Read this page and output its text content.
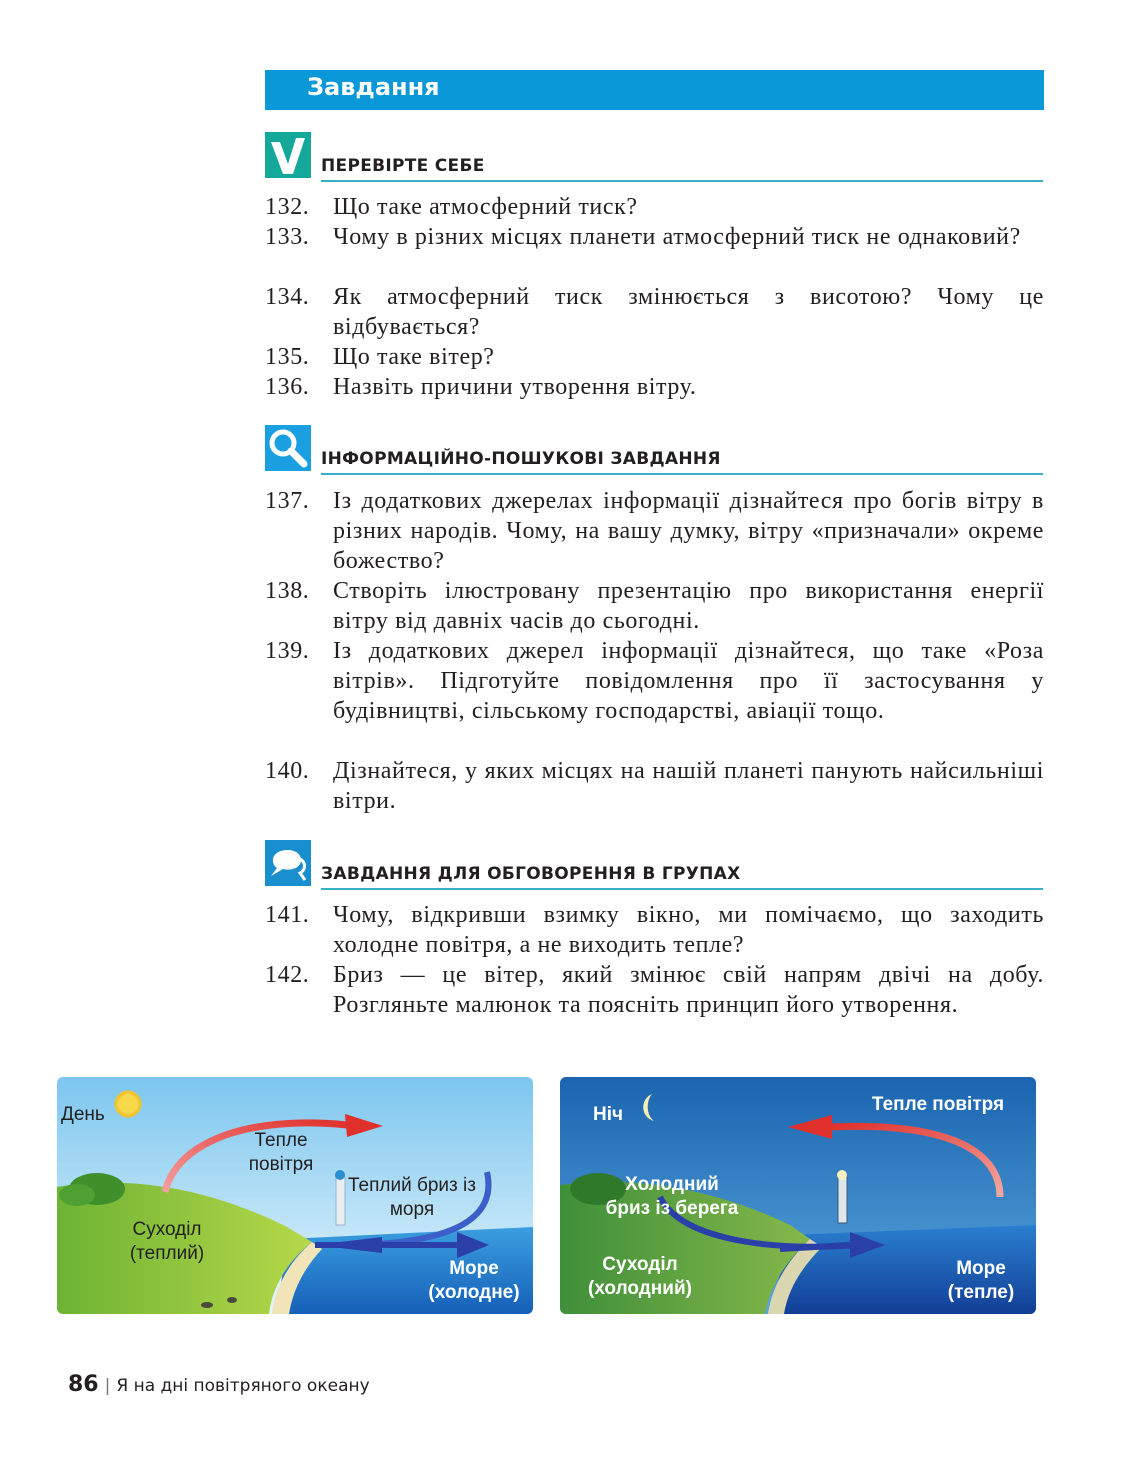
Завдання
ПЕРЕВІРТЕ СЕБЕ
132. Що таке атмосферний тиск?
133. Чому в різних місцях планети атмосферний тиск не однаковий?
134. Як атмосферний тиск змінюється з висотою? Чому це відбувається?
135. Що таке вітер?
136. Назвіть причини утворення вітру.
ІНФОРМАЦІЙНО-ПОШУКОВІ ЗАВДАННЯ
137. Із додаткових джерелах інформації дізнайтеся про богів вітру в різних народів. Чому, на вашу думку, вітру «призначали» окреме божество?
138. Створіть ілюстровану презентацію про використання енергії вітру від давніх часів до сьогодні.
139. Із додаткових джерел інформації дізнайтеся, що таке «Роза вітрів». Підготуйте повідомлення про її застосування у будівництві, сільському господарстві, авіації тощо.
140. Дізнайтеся, у яких місцях на нашій планеті панують найсильніші вітри.
ЗАВДАННЯ ДЛЯ ОБГОВОРЕННЯ В ГРУПАХ
141. Чому, відкривши взимку вікно, ми помічаємо, що заходить холодне повітря, а не виходить тепле?
142. Бриз — це вітер, який змінює свій напрям двічі на добу. Розгляньте малюнок та поясніть принцип його утворення.
День
Тепле повітря
Теплий бриз із моря
Суходіл (теплий)
Море (холодне)
Ніч	Тепле повітря
Холодний бриз із берега
Суходіл (холодний)
Море (тепле)
86 | Я на дні повітряного океану
